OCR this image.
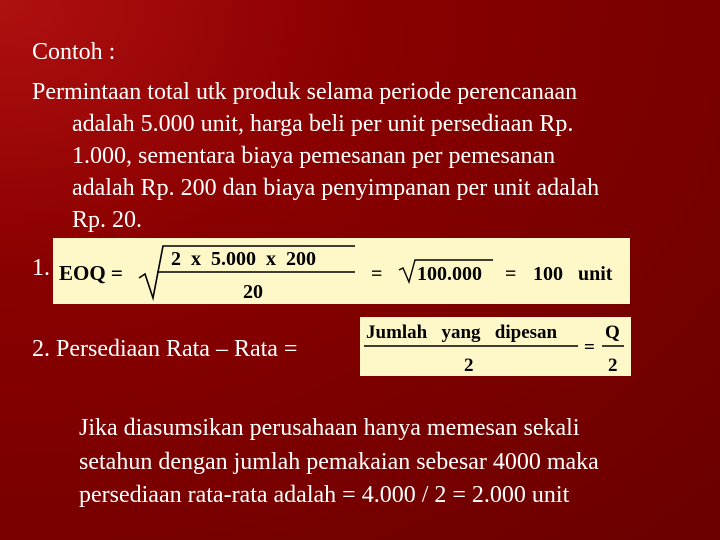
Contoh :
Permintaan total utk produk selama periode perencanaan
adalah 5.000 unit, harga beli per unit persediaan Rp.
1.000, sementara biaya pemesanan per pemesanan
adalah Rp. 200 dan biaya penyimpanan per unit adalah
Rp. 20.
1. EOQ =
2  x  5.000  x  200
20
= 100.000 = 100   unit
2. Persediaan Rata – Rata =
Jumlah   yang   dipesan
2
=
Q
2
Jika diasumsikan perusahaan hanya memesan sekali
setahun dengan jumlah pemakaian sebesar 4000 maka
persediaan rata-rata adalah = 4.000 / 2 = 2.000 unit
